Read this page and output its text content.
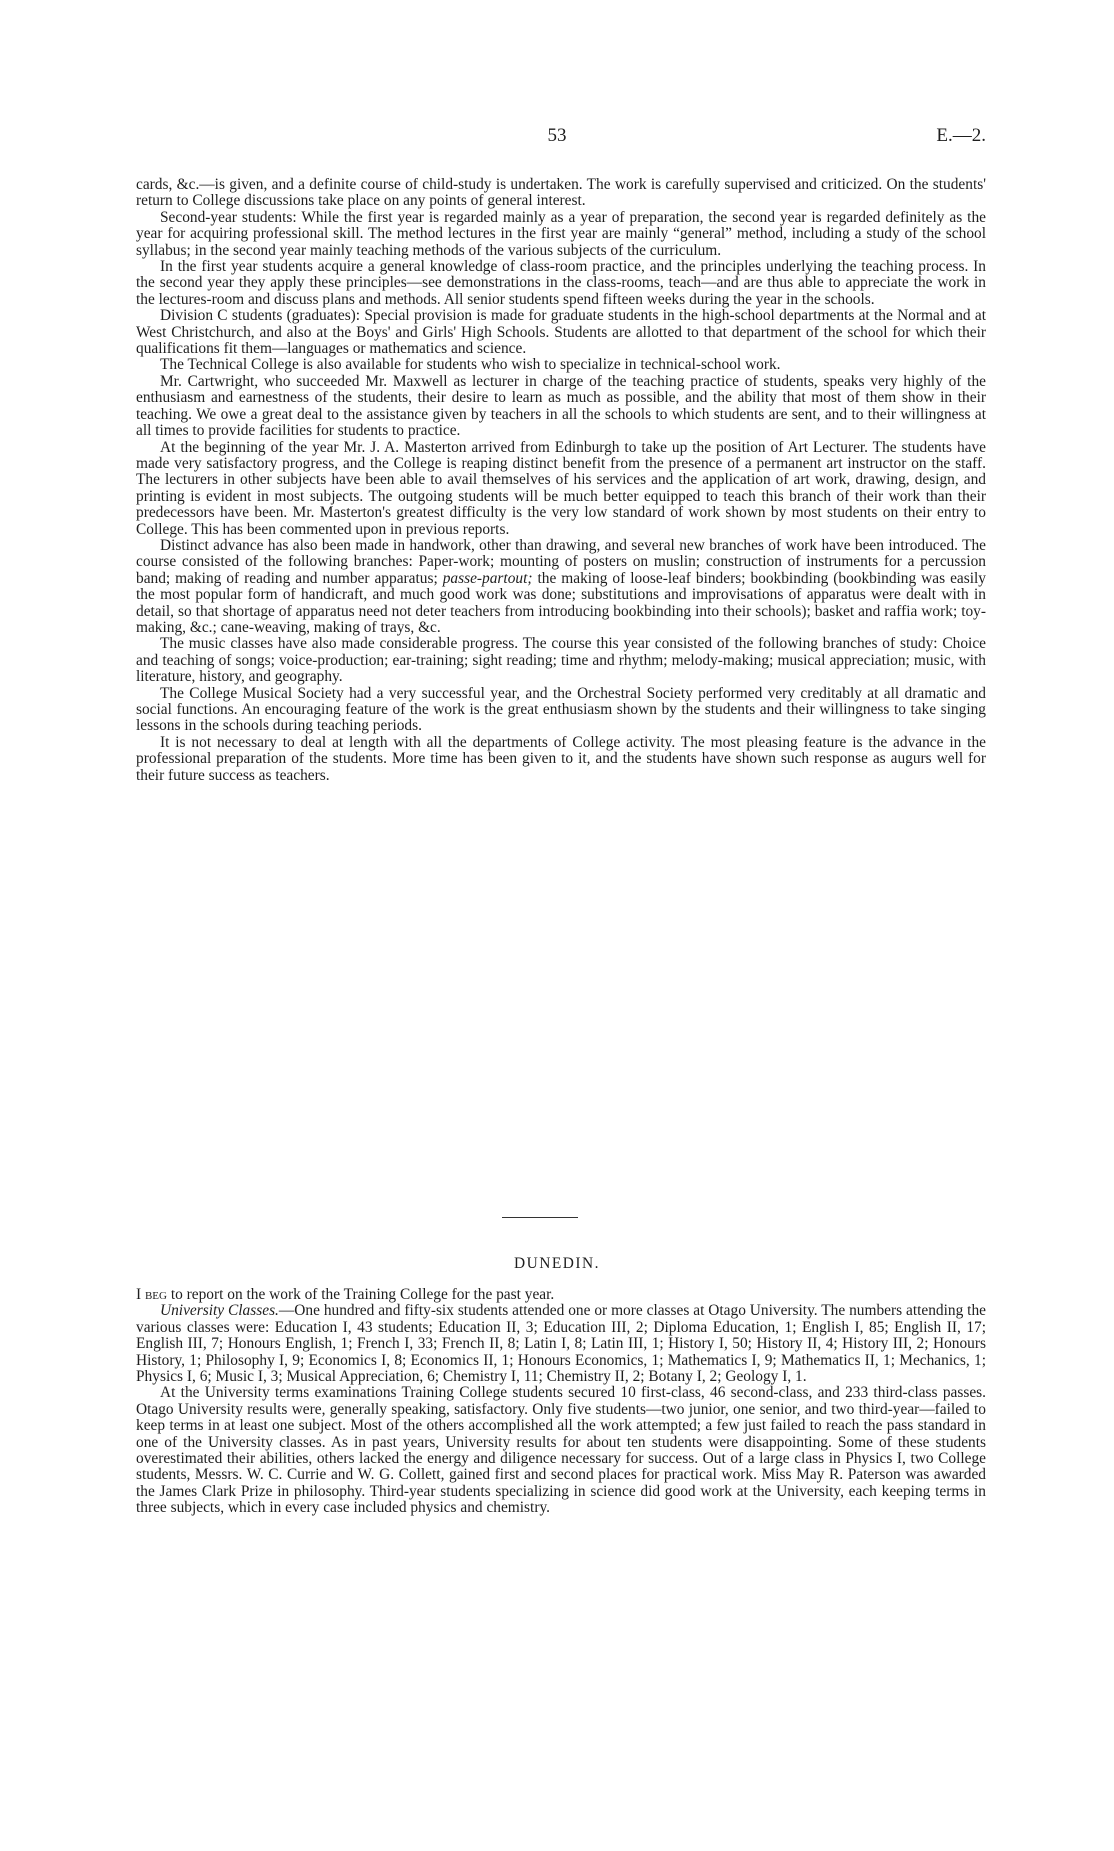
53	E.—2.

cards, &c.—is given, and a definite course of child-study is undertaken. The work is carefully supervised and criticized. On the students' return to College discussions take place on any points of general interest.

Second-year students: While the first year is regarded mainly as a year of preparation, the second year is regarded definitely as the year for acquiring professional skill. The method lectures in the first year are mainly “general” method, including a study of the school syllabus; in the second year mainly teaching methods of the various subjects of the curriculum.

In the first year students acquire a general knowledge of class-room practice, and the principles underlying the teaching process. In the second year they apply these principles—see demonstrations in the class-rooms, teach—and are thus able to appreciate the work in the lectures-room and discuss plans and methods. All senior students spend fifteen weeks during the year in the schools.

Division C students (graduates): Special provision is made for graduate students in the high-school departments at the Normal and at West Christchurch, and also at the Boys' and Girls' High Schools. Students are allotted to that department of the school for which their qualifications fit them—languages or mathematics and science.

The Technical College is also available for students who wish to specialize in technical-school work.

Mr. Cartwright, who succeeded Mr. Maxwell as lecturer in charge of the teaching practice of students, speaks very highly of the enthusiasm and earnestness of the students, their desire to learn as much as possible, and the ability that most of them show in their teaching. We owe a great deal to the assistance given by teachers in all the schools to which students are sent, and to their willingness at all times to provide facilities for students to practice.

At the beginning of the year Mr. J. A. Masterton arrived from Edinburgh to take up the position of Art Lecturer. The students have made very satisfactory progress, and the College is reaping distinct benefit from the presence of a permanent art instructor on the staff. The lecturers in other subjects have been able to avail themselves of his services and the application of art work, drawing, design, and printing is evident in most subjects. The outgoing students will be much better equipped to teach this branch of their work than their predecessors have been. Mr. Masterton's greatest difficulty is the very low standard of work shown by most students on their entry to College. This has been commented upon in previous reports.

Distinct advance has also been made in handwork, other than drawing, and several new branches of work have been introduced. The course consisted of the following branches: Paper-work; mounting of posters on muslin; construction of instruments for a percussion band; making of reading and number apparatus; passe-partout; the making of loose-leaf binders; bookbinding (bookbinding was easily the most popular form of handicraft, and much good work was done; substitutions and improvisations of apparatus were dealt with in detail, so that shortage of apparatus need not deter teachers from introducing bookbinding into their schools); basket and raffia work; toy-making, &c.; cane-weaving, making of trays, &c.

The music classes have also made considerable progress. The course this year consisted of the following branches of study: Choice and teaching of songs; voice-production; ear-training; sight reading; time and rhythm; melody-making; musical appreciation; music, with literature, history, and geography.

The College Musical Society had a very successful year, and the Orchestral Society performed very creditably at all dramatic and social functions. An encouraging feature of the work is the great enthusiasm shown by the students and their willingness to take singing lessons in the schools during teaching periods.

It is not necessary to deal at length with all the departments of College activity. The most pleasing feature is the advance in the professional preparation of the students. More time has been given to it, and the students have shown such response as augurs well for their future success as teachers.

DUNEDIN.

I beg to report on the work of the Training College for the past year.

University Classes.—One hundred and fifty-six students attended one or more classes at Otago University. The numbers attending the various classes were: Education I, 43 students; Education II, 3; Education III, 2; Diploma Education, 1; English I, 85; English II, 17; English III, 7; Honours English, 1; French I, 33; French II, 8; Latin I, 8; Latin III, 1; History I, 50; History II, 4; History III, 2; Honours History, 1; Philosophy I, 9; Economics I, 8; Economics II, 1; Honours Economics, 1; Mathematics I, 9; Mathematics II, 1; Mechanics, 1; Physics I, 6; Music I, 3; Musical Appreciation, 6; Chemistry I, 11; Chemistry II, 2; Botany I, 2; Geology I, 1.

At the University terms examinations Training College students secured 10 first-class, 46 second-class, and 233 third-class passes. Otago University results were, generally speaking, satisfactory. Only five students—two junior, one senior, and two third-year—failed to keep terms in at least one subject. Most of the others accomplished all the work attempted; a few just failed to reach the pass standard in one of the University classes. As in past years, University results for about ten students were disappointing. Some of these students overestimated their abilities, others lacked the energy and diligence necessary for success. Out of a large class in Physics I, two College students, Messrs. W. C. Currie and W. G. Collett, gained first and second places for practical work. Miss May R. Paterson was awarded the James Clark Prize in philosophy. Third-year students specializing in science did good work at the University, each keeping terms in three subjects, which in every case included physics and chemistry.
